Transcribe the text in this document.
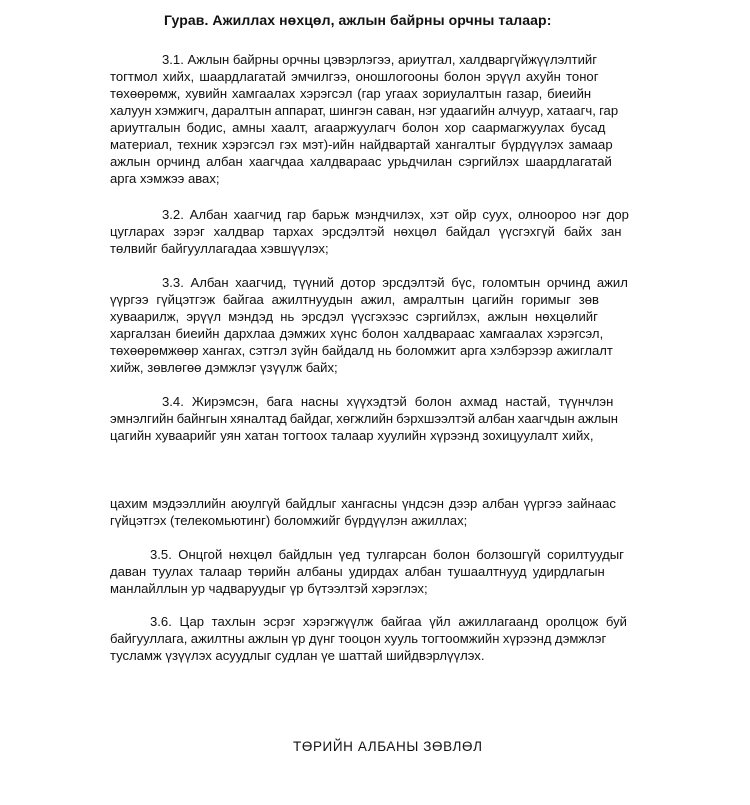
Гурав. Ажиллах нөхцөл, ажлын байрны орчны талаар:
3.1. Ажлын байрны орчны цэвэрлэгээ, ариутгал, халдваргүйжүүлэлтийг
тогтмол хийх, шаардлагатай эмчилгээ, оношлогооны болон эрүүл ахуйн тоног
төхөөрөмж, хувийн хамгаалах хэрэгсэл (гар угаах зориулалтын газар, биеийн
халуун хэмжигч, даралтын аппарат, шингэн саван, нэг удаагийн алчуур, хатаагч, гар
ариутгалын бодис, амны хаалт, агааржуулагч болон хор саармагжуулах бусад
материал, техник хэрэгсэл гэх мэт)-ийн найдвартай хангалтыг бүрдүүлэх замаар
ажлын орчинд албан хаагчдаа халдвараас урьдчилан сэргийлэх шаардлагатай
арга хэмжээ авах;
3.2. Албан хаагчид гар барьж мэндчилэх, хэт ойр суух, олноороо нэг дор
цугларах зэрэг халдвар тархах эрсдэлтэй нөхцөл байдал үүсгэхгүй байх зан
төлвийг байгууллагадаа хэвшүүлэх;
3.3. Албан хаагчид, түүний дотор эрсдэлтэй бүс, голомтын орчинд ажил
үүргээ гүйцэтгэж байгаа ажилтнуудын ажил, амралтын цагийн горимыг зөв
хуваарилж, эрүүл мэндэд нь эрсдэл үүсгэхээс сэргийлэх, ажлын нөхцөлийг
харгалзан биеийн дархлаа дэмжих хүнс болон халдвараас хамгаалах хэрэгсэл,
төхөөрөмжөөр хангах, сэтгэл зүйн байдалд нь боломжит арга хэлбэрээр ажиглалт
хийж, зөвлөгөө дэмжлэг үзүүлж байх;
3.4. Жирэмсэн, бага насны хүүхэдтэй болон ахмад настай, түүнчлэн
эмнэлгийн байнгын хяналтад байдаг, хөгжлийн бэрхшээлтэй албан хаагчдын ажлын
цагийн хуваарийг уян хатан тогтоох талаар хуулийн хүрээнд зохицуулалт хийх,
цахим мэдээллийн аюулгүй байдлыг хангасны үндсэн дээр албан үүргээ зайнаас
гүйцэтгэх (телекомьютинг) боломжийг бүрдүүлэн ажиллах;
3.5. Онцгой нөхцөл байдлын үед тулгарсан болон болзошгүй сорилтуудыг
даван туулах талаар төрийн албаны удирдах албан тушаалтнууд удирдлагын
манлайллын ур чадваруудыг үр бүтээлтэй хэрэглэх;
3.6. Цар тахлын эсрэг хэрэгжүүлж байгаа үйл ажиллагаанд оролцож буй
байгууллага, ажилтны ажлын үр дүнг тооцон хууль тогтоомжийн хүрээнд дэмжлэг
тусламж үзүүлэх асуудлыг судлан үе шаттай шийдвэрлүүлэх.
ТӨРИЙН АЛБАНЫ ЗӨВЛӨЛ
